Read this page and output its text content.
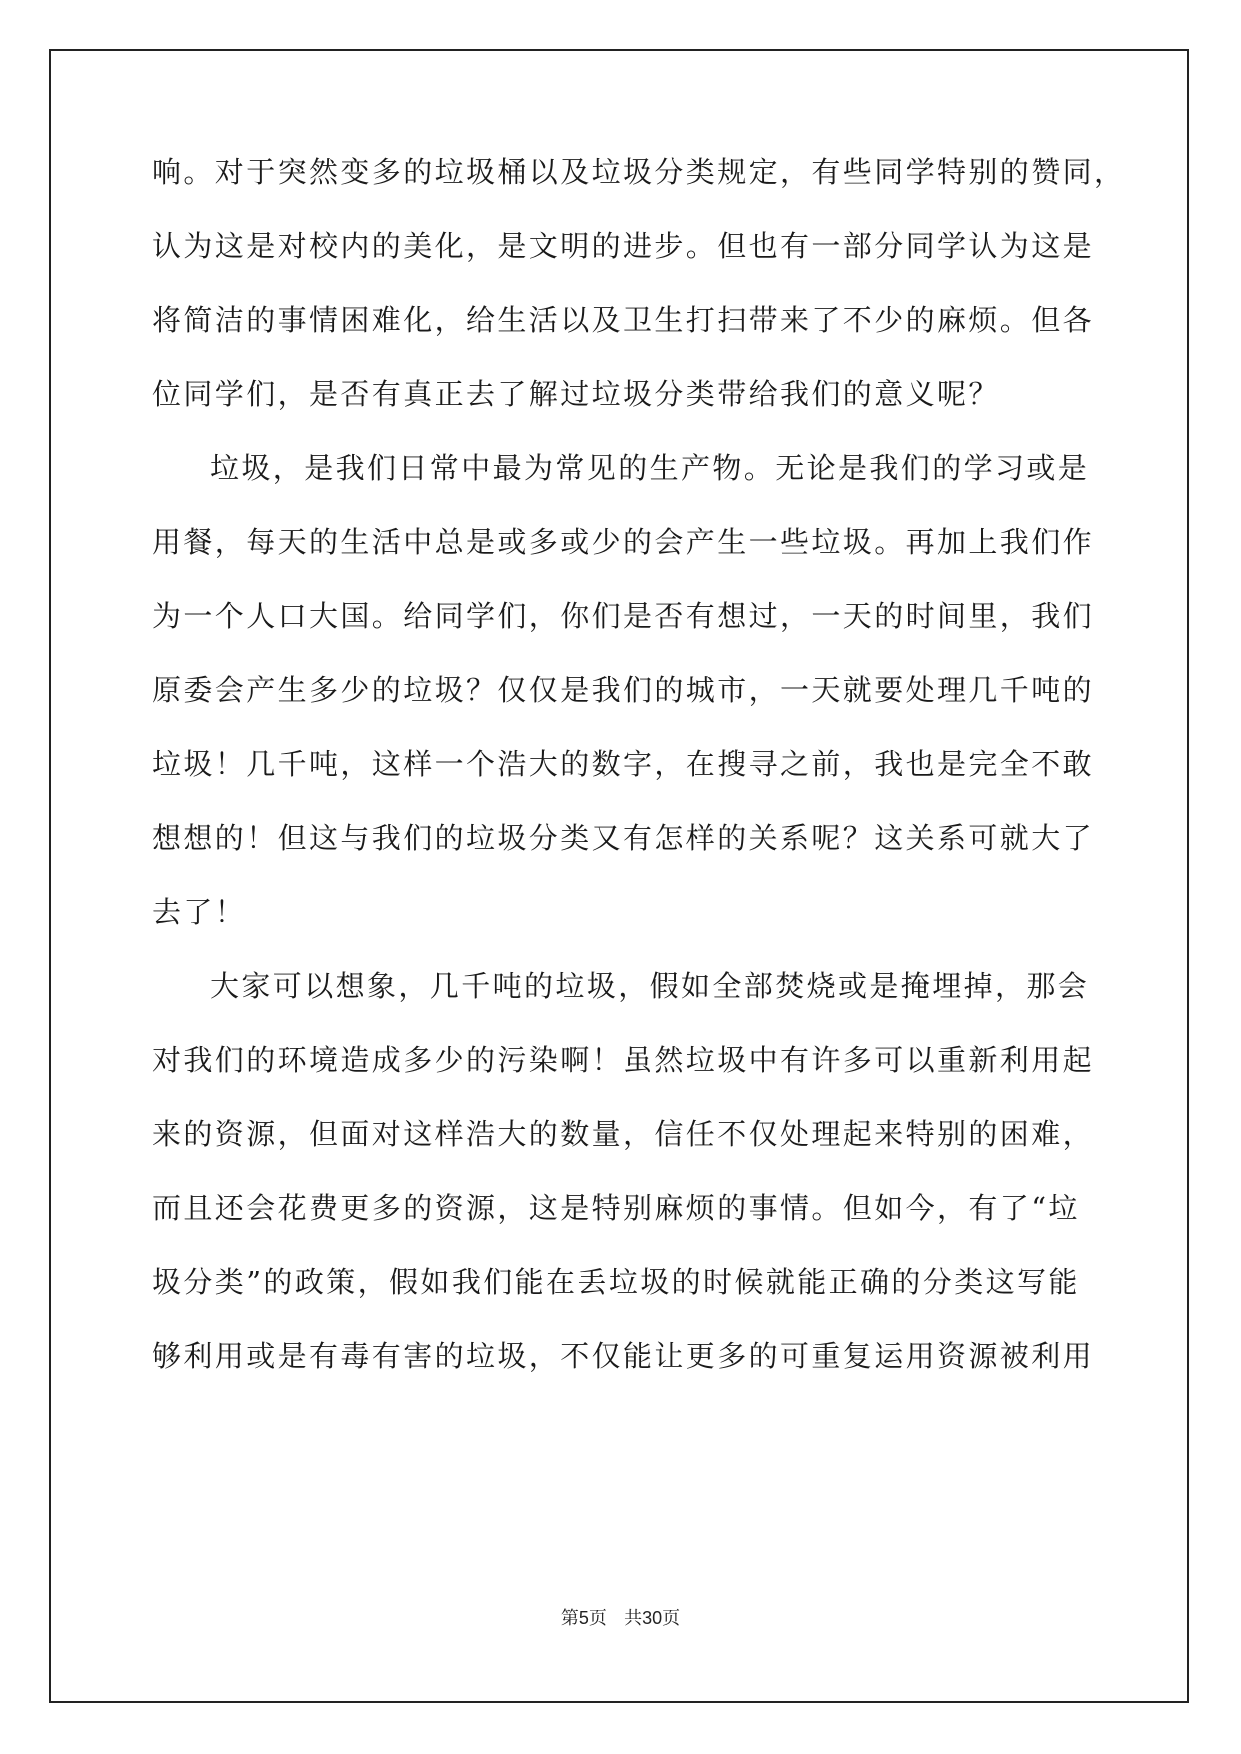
响。对于突然变多的垃圾桶以及垃圾分类规定，有些同学特别的赞同，
认为这是对校内的美化，是文明的进步。但也有一部分同学认为这是
将简洁的事情困难化，给生活以及卫生打扫带来了不少的麻烦。但各
位同学们，是否有真正去了解过垃圾分类带给我们的意义呢？
垃圾，是我们日常中最为常见的生产物。无论是我们的学习或是
用餐，每天的生活中总是或多或少的会产生一些垃圾。再加上我们作
为一个人口大国。给同学们，你们是否有想过，一天的时间里，我们
原委会产生多少的垃圾？仅仅是我们的城市，一天就要处理几千吨的
垃圾！几千吨，这样一个浩大的数字，在搜寻之前，我也是完全不敢
想想的！但这与我们的垃圾分类又有怎样的关系呢？这关系可就大了
去了！
大家可以想象，几千吨的垃圾，假如全部焚烧或是掩埋掉，那会
对我们的环境造成多少的污染啊！虽然垃圾中有许多可以重新利用起
来的资源，但面对这样浩大的数量，信任不仅处理起来特别的困难，
而且还会花费更多的资源，这是特别麻烦的事情。但如今，有了“垃
圾分类”的政策，假如我们能在丢垃圾的时候就能正确的分类这写能
够利用或是有毒有害的垃圾，不仅能让更多的可重复运用资源被利用
第5页 共30页
